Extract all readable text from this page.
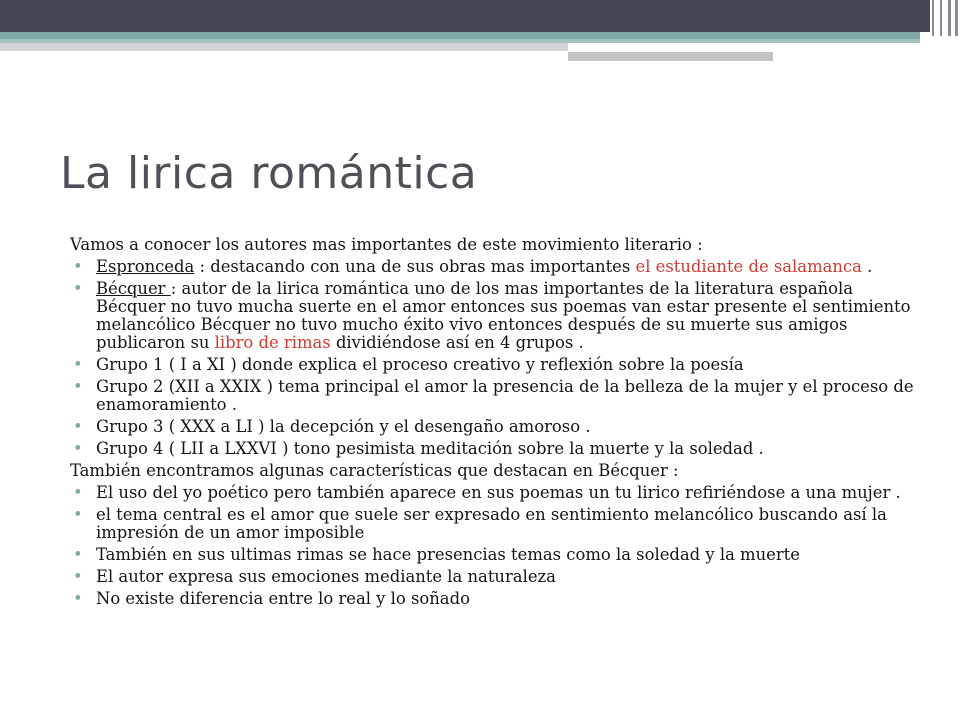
La lirica romántica

Vamos a conocer los autores mas importantes de este movimiento literario :

• Espronceda : destacando con una de sus obras mas importantes el estudiante de salamanca .

• Bécquer : autor de la lirica romántica uno de los mas importantes de la literatura española Bécquer no tuvo mucha suerte en el amor entonces sus poemas van estar presente el sentimiento melancólico Bécquer no tuvo mucho éxito vivo entonces después de su muerte sus amigos publicaron su libro de rimas dividiéndose así en 4 grupos .

• Grupo 1 ( I a XI ) donde explica el proceso creativo y reflexión sobre la poesía

• Grupo 2 (XII a XXIX ) tema principal el amor la presencia de la belleza de la mujer y el proceso de enamoramiento .

• Grupo 3 ( XXX a LI ) la decepción y el desengaño amoroso .

• Grupo 4 ( LII a LXXVI ) tono pesimista meditación sobre la muerte y la soledad .

También encontramos algunas características que destacan en Bécquer :

• El uso del yo poético pero también aparece en sus poemas un tu lirico refiriéndose a una mujer .

• el tema central es el amor que suele ser expresado en sentimiento melancólico buscando así la impresión de un amor imposible

• También en sus ultimas rimas se hace presencias temas como la soledad y la muerte

• El autor expresa sus emociones mediante la naturaleza

• No existe diferencia entre lo real y lo soñado
